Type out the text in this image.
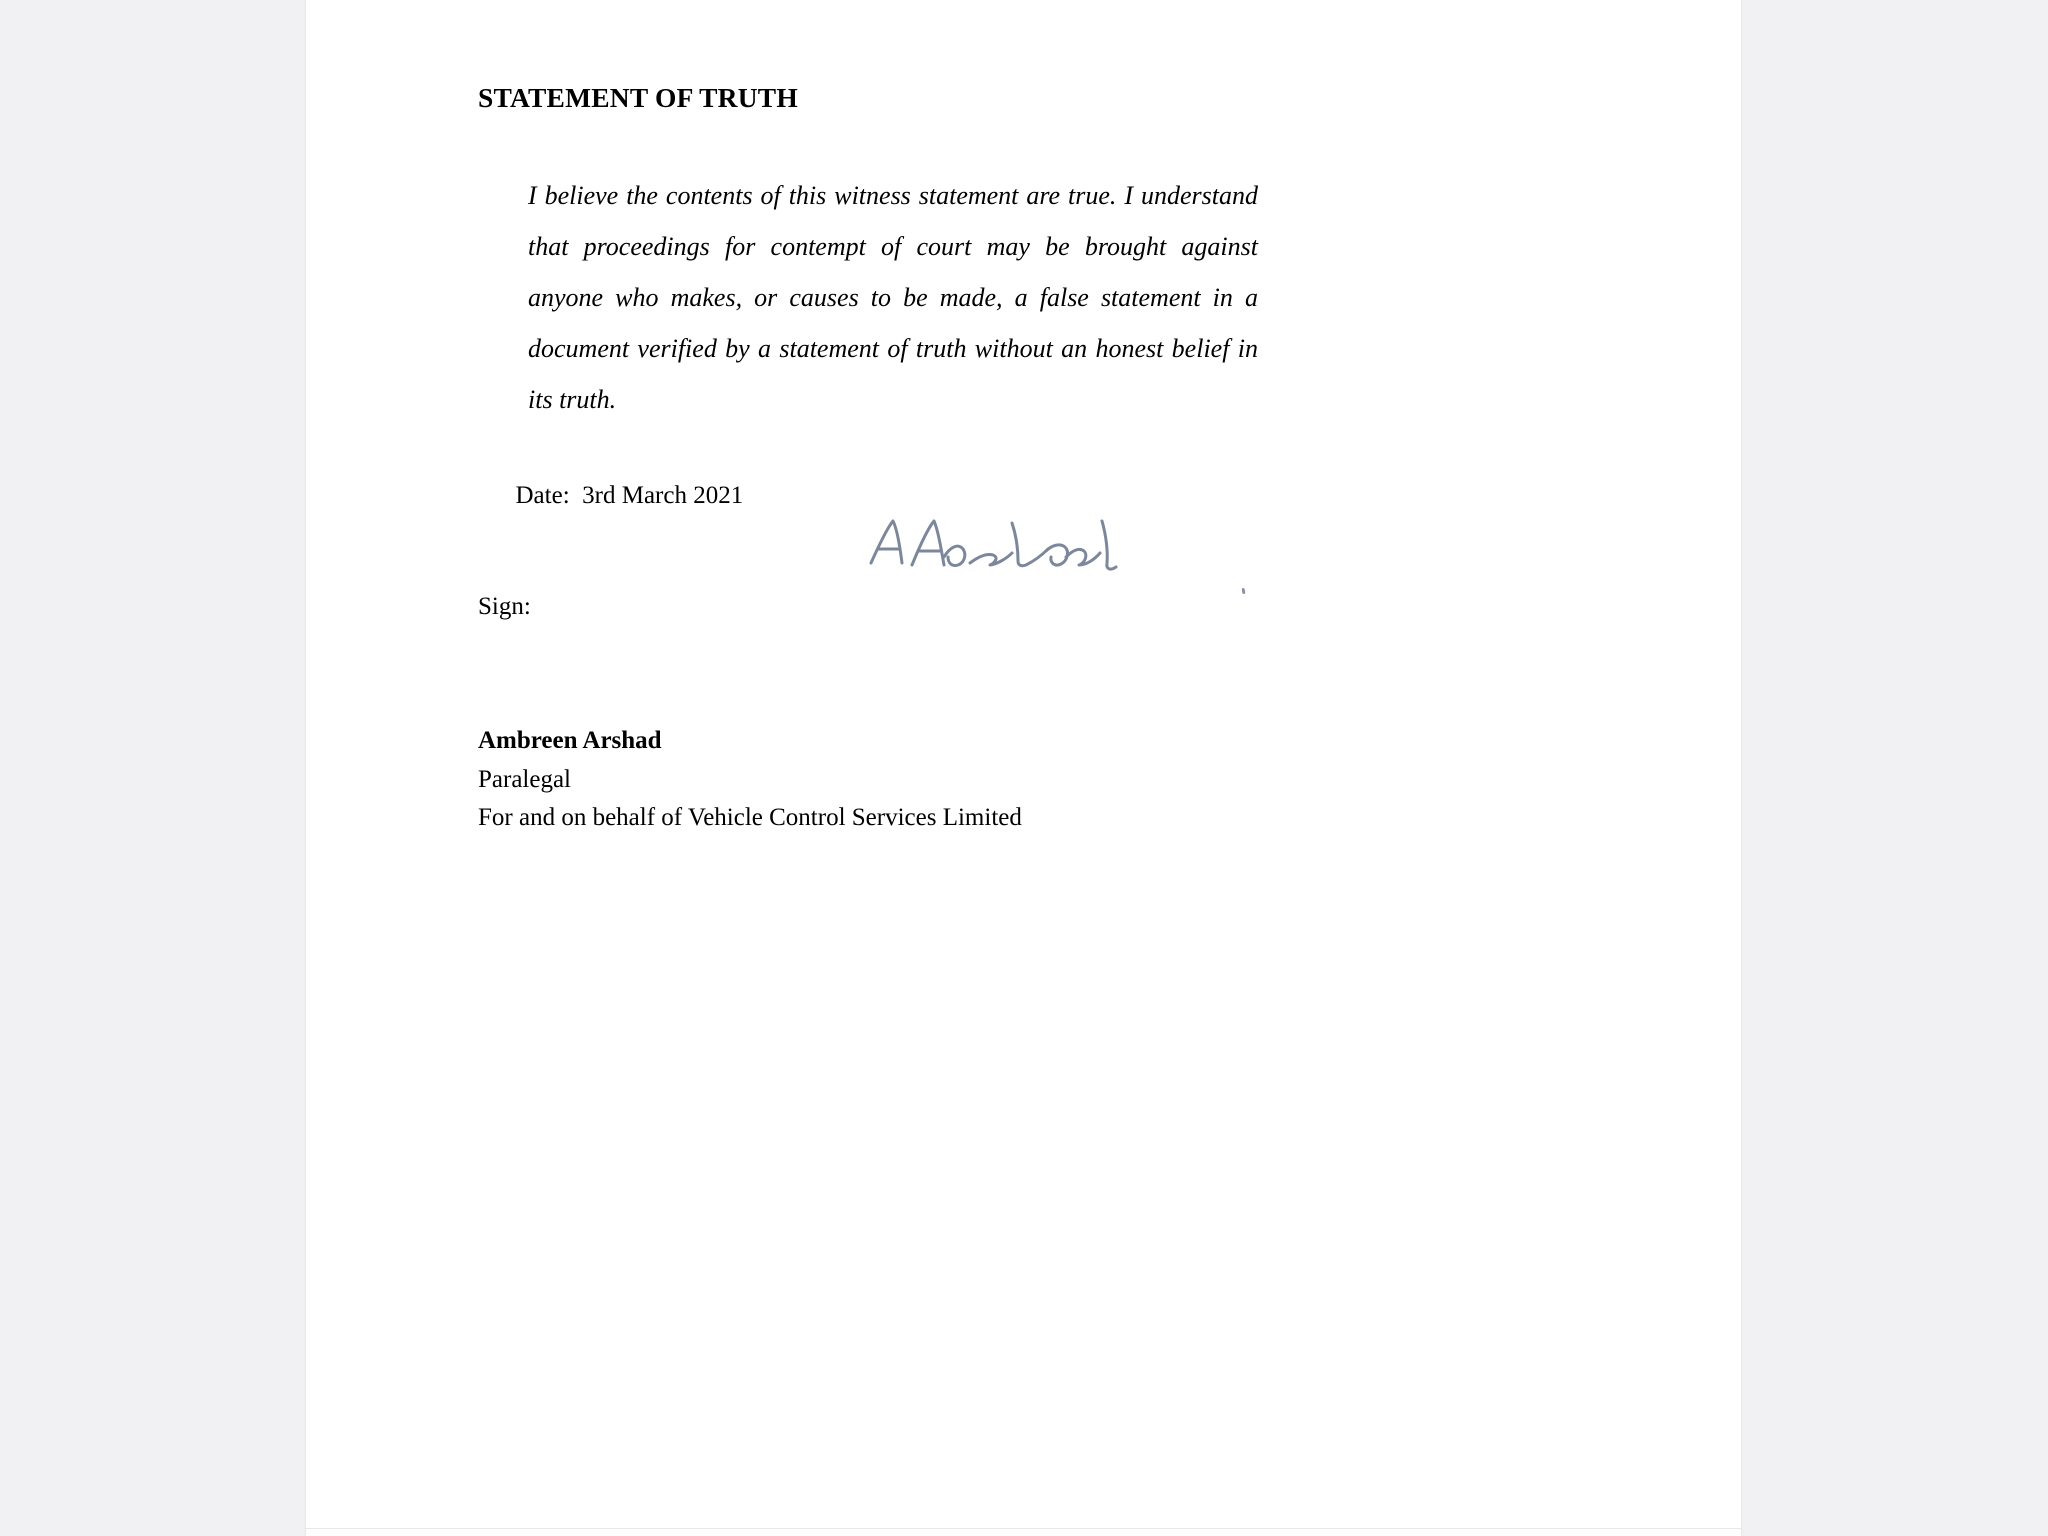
STATEMENT OF TRUTH
I believe the contents of this witness statement are true. I understand that proceedings for contempt of court may be brought against anyone who makes, or causes to be made, a false statement in a document verified by a statement of truth without an honest belief in its truth.

Date: 3rd March 2021

Sign:
Ambreen Arshad
Paralegal
For and on behalf of Vehicle Control Services Limited
